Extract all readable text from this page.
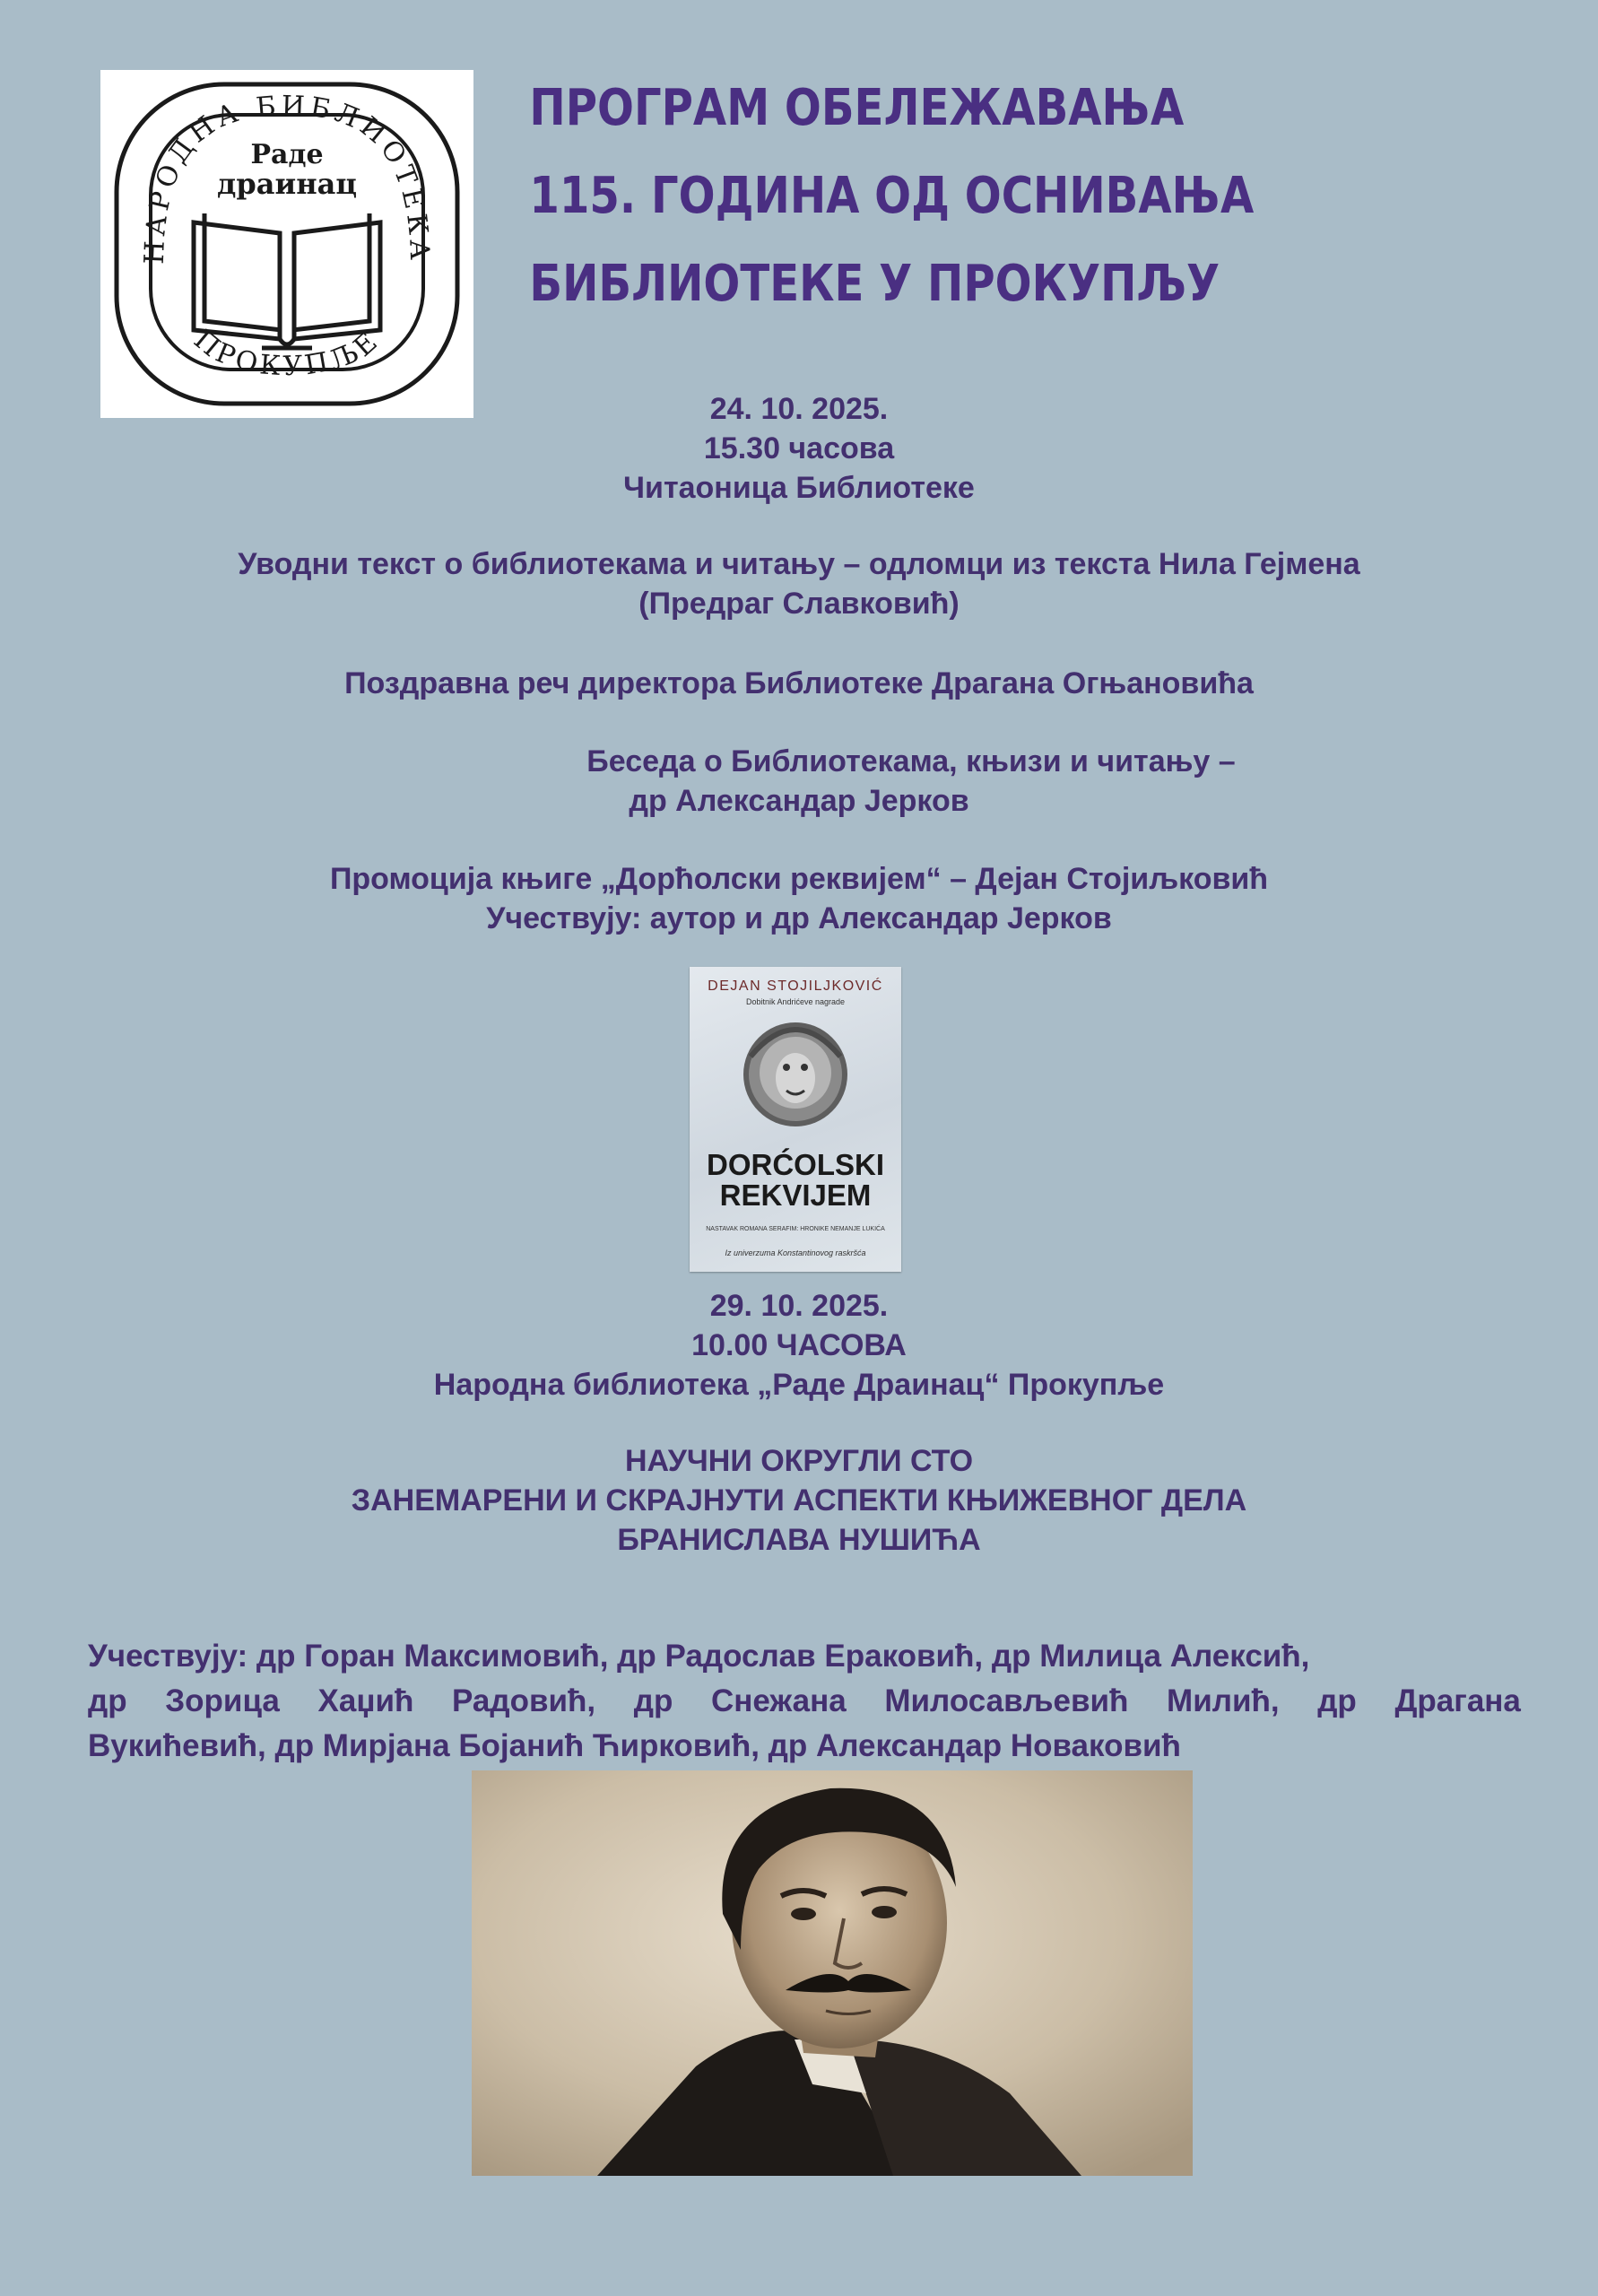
НАРОДНА БИБЛИОТЕКА
ПРОКУПЉЕ
Раде
драинац
ПРОГРАМ ОБЕЛЕЖАВАЊА
115. ГОДИНА ОД ОСНИВАЊА
БИБЛИОТЕКЕ У ПРОКУПЉУ
24. 10. 2025.
15.30 часова
Читаоница Библиотеке
Уводни текст о библиотекама и читању – одломци из текста Нила Гејмена
(Предраг Славковић)
Поздравна реч директора Библиотеке Драгана Огњановића
Беседа о Библиотекама, књизи и читању –
др Александар Јерков
Промоција књиге „Дорћолски реквијем“ – Дејан Стојиљковић
Учествују: аутор и др Александар Јерков
DEJAN STOJILJKOVIĆ
Dobitnik Andrićeve nagrade
DORĆOLSKI
REKVIJEM
NASTAVAK ROMANA SERAFIM: HRONIKE NEMANJE LUKIĆA
Iz univerzuma Konstantinovog raskršća
29. 10. 2025.
10.00 ЧАСОВА
Народна библиотека „Раде Драинац“ Прокупље
НАУЧНИ ОКРУГЛИ СТО
ЗАНЕМАРЕНИ И СКРАЈНУТИ АСПЕКТИ КЊИЖЕВНОГ ДЕЛА
БРАНИСЛАВА НУШИЋА
Учествују: др Горан Максимовић, др Радослав Ераковић, др Милица Алексић,
др Зорица Хаџић Радовић, др Снежана Милосављевић Милић, др Драгана
Вукићевић, др Мирјана Бојанић Ћирковић, др Александар Новаковић
